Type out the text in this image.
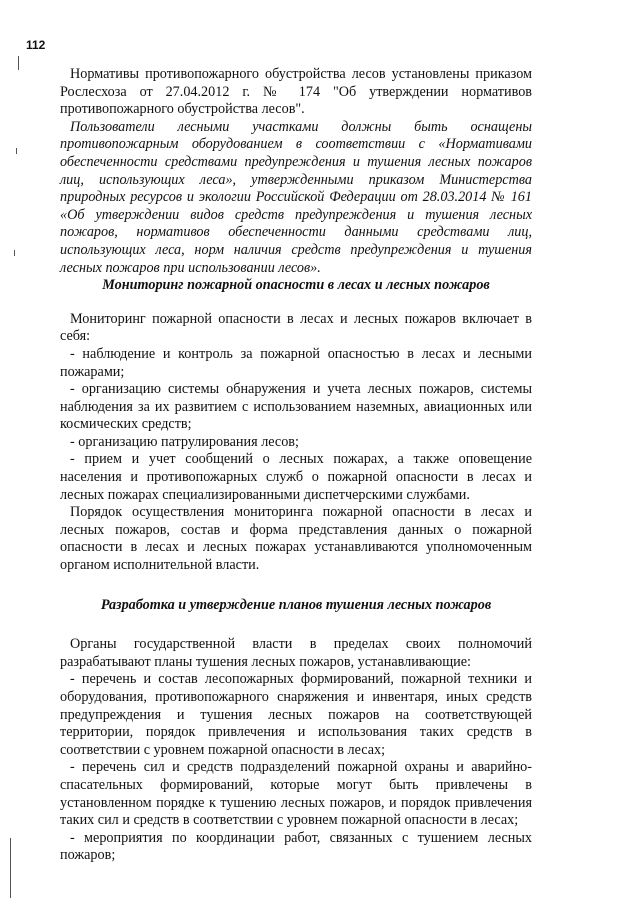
112

Нормативы противопожарного обустройства лесов установлены приказом Рослесхоза от 27.04.2012 г. № 174 "Об утверждении нормативов противопожарного обустройства лесов".

Пользователи лесными участками должны быть оснащены противопожарным оборудованием в соответствии с «Нормативами обеспеченности средствами предупреждения и тушения лесных пожаров лиц, использующих леса», утвержденными приказом Министерства природных ресурсов и экологии Российской Федерации от 28.03.2014 № 161 «Об утверждении видов средств предупреждения и тушения лесных пожаров, нормативов обеспеченности данными средствами лиц, использующих леса, норм наличия средств предупреждения и тушения лесных пожаров при использовании лесов».

Мониторинг пожарной опасности в лесах и лесных пожаров

Мониторинг пожарной опасности в лесах и лесных пожаров включает в себя:

- наблюдение и контроль за пожарной опасностью в лесах и лесными пожарами;

- организацию системы обнаружения и учета лесных пожаров, системы наблюдения за их развитием с использованием наземных, авиационных или космических средств;

- организацию патрулирования лесов;

- прием и учет сообщений о лесных пожарах, а также оповещение населения и противопожарных служб о пожарной опасности в лесах и лесных пожарах специализированными диспетчерскими службами.

Порядок осуществления мониторинга пожарной опасности в лесах и лесных пожаров, состав и форма представления данных о пожарной опасности в лесах и лесных пожарах устанавливаются уполномоченным органом исполнительной власти.

Разработка и утверждение планов тушения лесных пожаров

Органы государственной власти в пределах своих полномочий разрабатывают планы тушения лесных пожаров, устанавливающие:

- перечень и состав лесопожарных формирований, пожарной техники и оборудования, противопожарного снаряжения и инвентаря, иных средств предупреждения и тушения лесных пожаров на соответствующей территории, порядок привлечения и использования таких средств в соответствии с уровнем пожарной опасности в лесах;

- перечень сил и средств подразделений пожарной охраны и аварийно-спасательных формирований, которые могут быть привлечены в установленном порядке к тушению лесных пожаров, и порядок привлечения таких сил и средств в соответствии с уровнем пожарной опасности в лесах;

- мероприятия по координации работ, связанных с тушением лесных пожаров;
